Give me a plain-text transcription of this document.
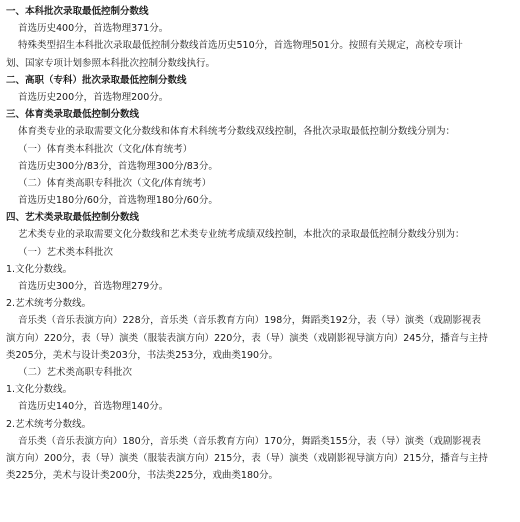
一、本科批次录取最低控制分数线
首选历史400分，首选物理371分。
特殊类型招生本科批次录取最低控制分数线首选历史510分，首选物理501分。按照有关规定，高校专项计
划、国家专项计划参照本科批次控制分数线执行。
二、高职（专科）批次录取最低控制分数线
首选历史200分，首选物理200分。
三、体育类录取最低控制分数线
体育类专业的录取需要文化分数线和体育术科统考分数线双线控制，各批次录取最低控制分数线分别为：
（一）体育类本科批次（文化/体育统考）
首选历史300分/83分，首选物理300分/83分。
（二）体育类高职专科批次（文化/体育统考）
首选历史180分/60分，首选物理180分/60分。
四、艺术类录取最低控制分数线
艺术类专业的录取需要文化分数线和艺术类专业统考成绩双线控制，本批次的录取最低控制分数线分别为：
（一）艺术类本科批次
1.文化分数线。
首选历史300分，首选物理279分。
2.艺术统考分数线。
音乐类（音乐表演方向）228分，音乐类（音乐教育方向）198分，舞蹈类192分，表（导）演类（戏剧影视表
演方向）220分，表（导）演类（服装表演方向）220分，表（导）演类（戏剧影视导演方向）245分，播音与主持
类205分，美术与设计类203分，书法类253分，戏曲类190分。
（二）艺术类高职专科批次
1.文化分数线。
首选历史140分，首选物理140分。
2.艺术统考分数线。
音乐类（音乐表演方向）180分，音乐类（音乐教育方向）170分，舞蹈类155分，表（导）演类（戏剧影视表
演方向）200分，表（导）演类（服装表演方向）215分，表（导）演类（戏剧影视导演方向）215分，播音与主持
类225分，美术与设计类200分，书法类225分，戏曲类180分。
